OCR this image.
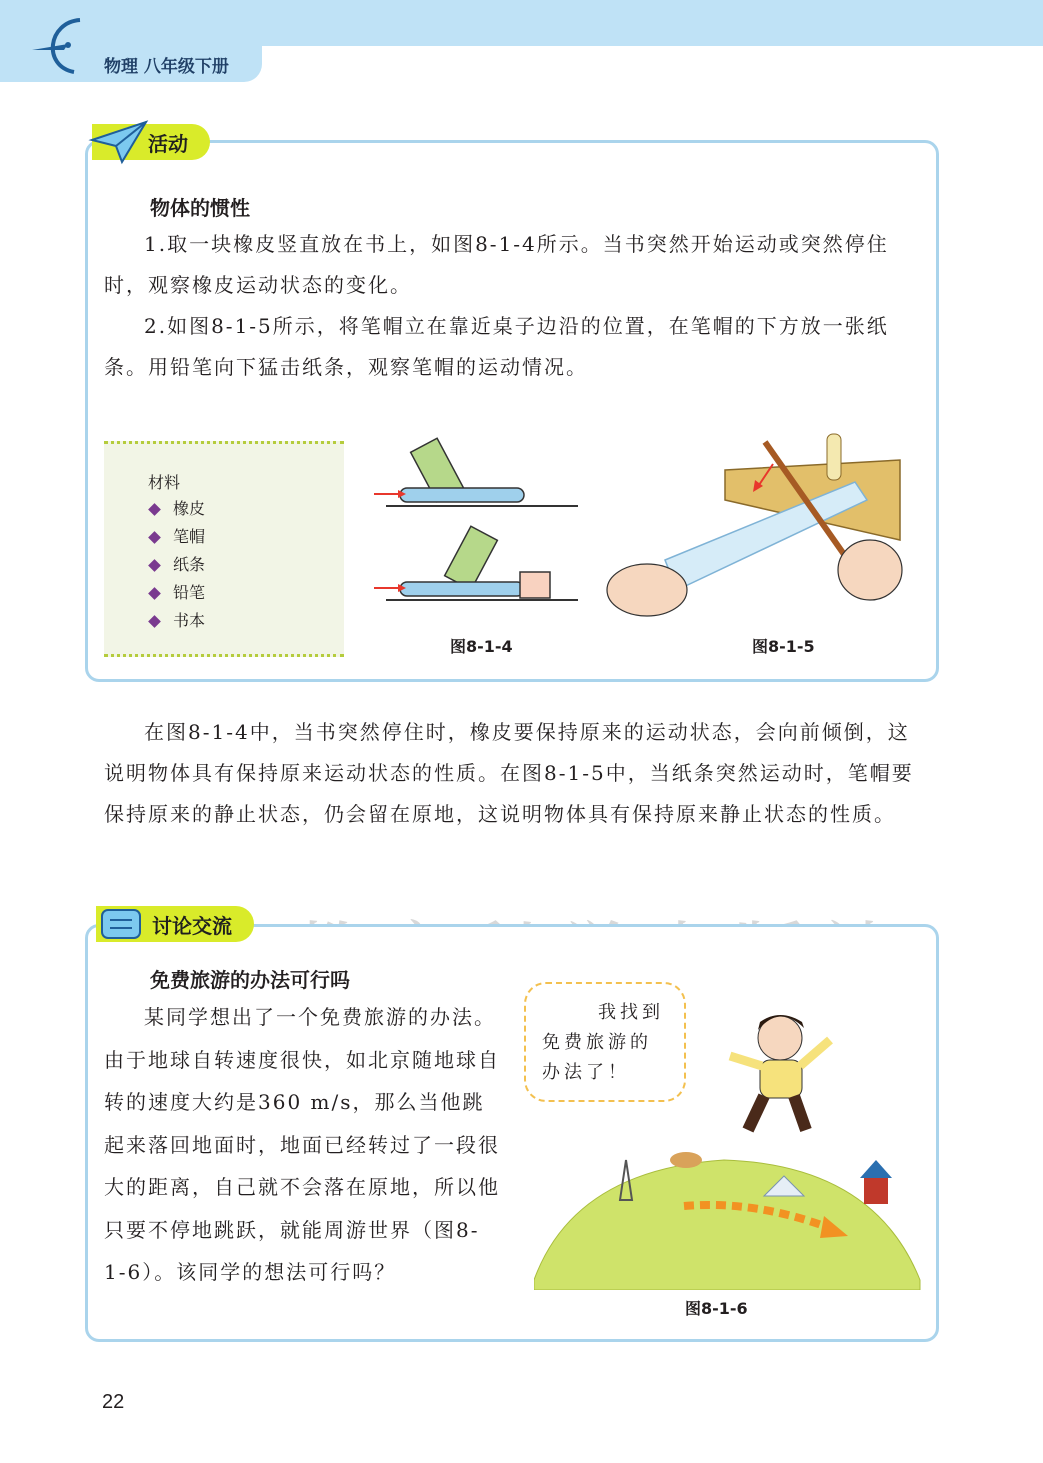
物理 八年级下册
活动
物体的惯性

1.取一块橡皮竖直放在书上，如图8-1-4所示。当书突然开始运动或突然停住时，观察橡皮运动状态的变化。

2.如图8-1-5所示，将笔帽立在靠近桌子边沿的位置，在笔帽的下方放一张纸条。用铅笔向下猛击纸条，观察笔帽的运动情况。

材料
橡皮
笔帽
纸条
铅笔
书本
图8-1-4	图8-1-5

在图8-1-4中，当书突然停住时，橡皮要保持原来的运动状态，会向前倾倒，这说明物体具有保持原来运动状态的性质。在图8-1-5中，当纸条突然运动时，笔帽要保持原来的静止状态，仍会留在原地，这说明物体具有保持原来静止状态的性质。

讨论交流
免费旅游的办法可行吗

某同学想出了一个免费旅游的办法。由于地球自转速度很快，如北京随地球自转的速度大约是360 m/s，那么当他跳起来落回地面时，地面已经转过了一段很大的距离，自己就不会落在原地，所以他只要不停地跳跃，就能周游世界（图8-1-6）。该同学的想法可行吗？

我找到
免费旅游的
办法了！
图8-1-6
22
